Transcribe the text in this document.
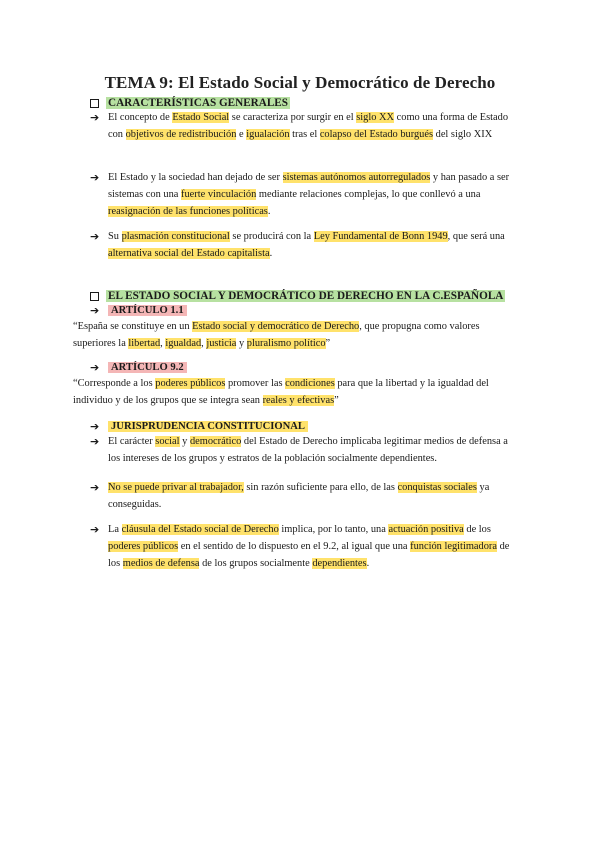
TEMA 9: El Estado Social y Democrático de Derecho
CARACTERÍSTICAS GENERALES
➔ El concepto de Estado Social se caracteriza por surgir en el siglo XX como una forma de Estado con objetivos de redistribución e igualación tras el colapso del Estado burgués del siglo XIX
➔ El Estado y la sociedad han dejado de ser sistemas autónomos autorregulados y han pasado a ser sistemas con una fuerte vinculación mediante relaciones complejas, lo que conllevó a una reasignación de las funciones políticas.
➔ Su plasmación constitucional se producirá con la Ley Fundamental de Bonn 1949, que será una alternativa social del Estado capitalista.
EL ESTADO SOCIAL Y DEMOCRÁTICO DE DERECHO EN LA C.ESPAÑOLA
➔	ARTÍCULO 1.1
“España se constituye en un Estado social y democrático de Derecho, que propugna como valores superiores la libertad, igualdad, justicia y pluralismo político”
➔	ARTÍCULO 9.2
“Corresponde a los poderes públicos promover las condiciones para que la libertad y la igualdad del individuo y de los grupos que se integra sean reales y efectivas”
➔	JURISPRUDENCIA CONSTITUCIONAL
➔ El carácter social y democrático del Estado de Derecho implicaba legitimar medios de defensa a los intereses de los grupos y estratos de la población socialmente dependientes.
➔ No se puede privar al trabajador, sin razón suficiente para ello, de las conquistas sociales ya conseguidas.
➔ La cláusula del Estado social de Derecho implica, por lo tanto, una actuación positiva de los poderes públicos en el sentido de lo dispuesto en el 9.2, al igual que una función legitimadora de los medios de defensa de los grupos socialmente dependientes.
